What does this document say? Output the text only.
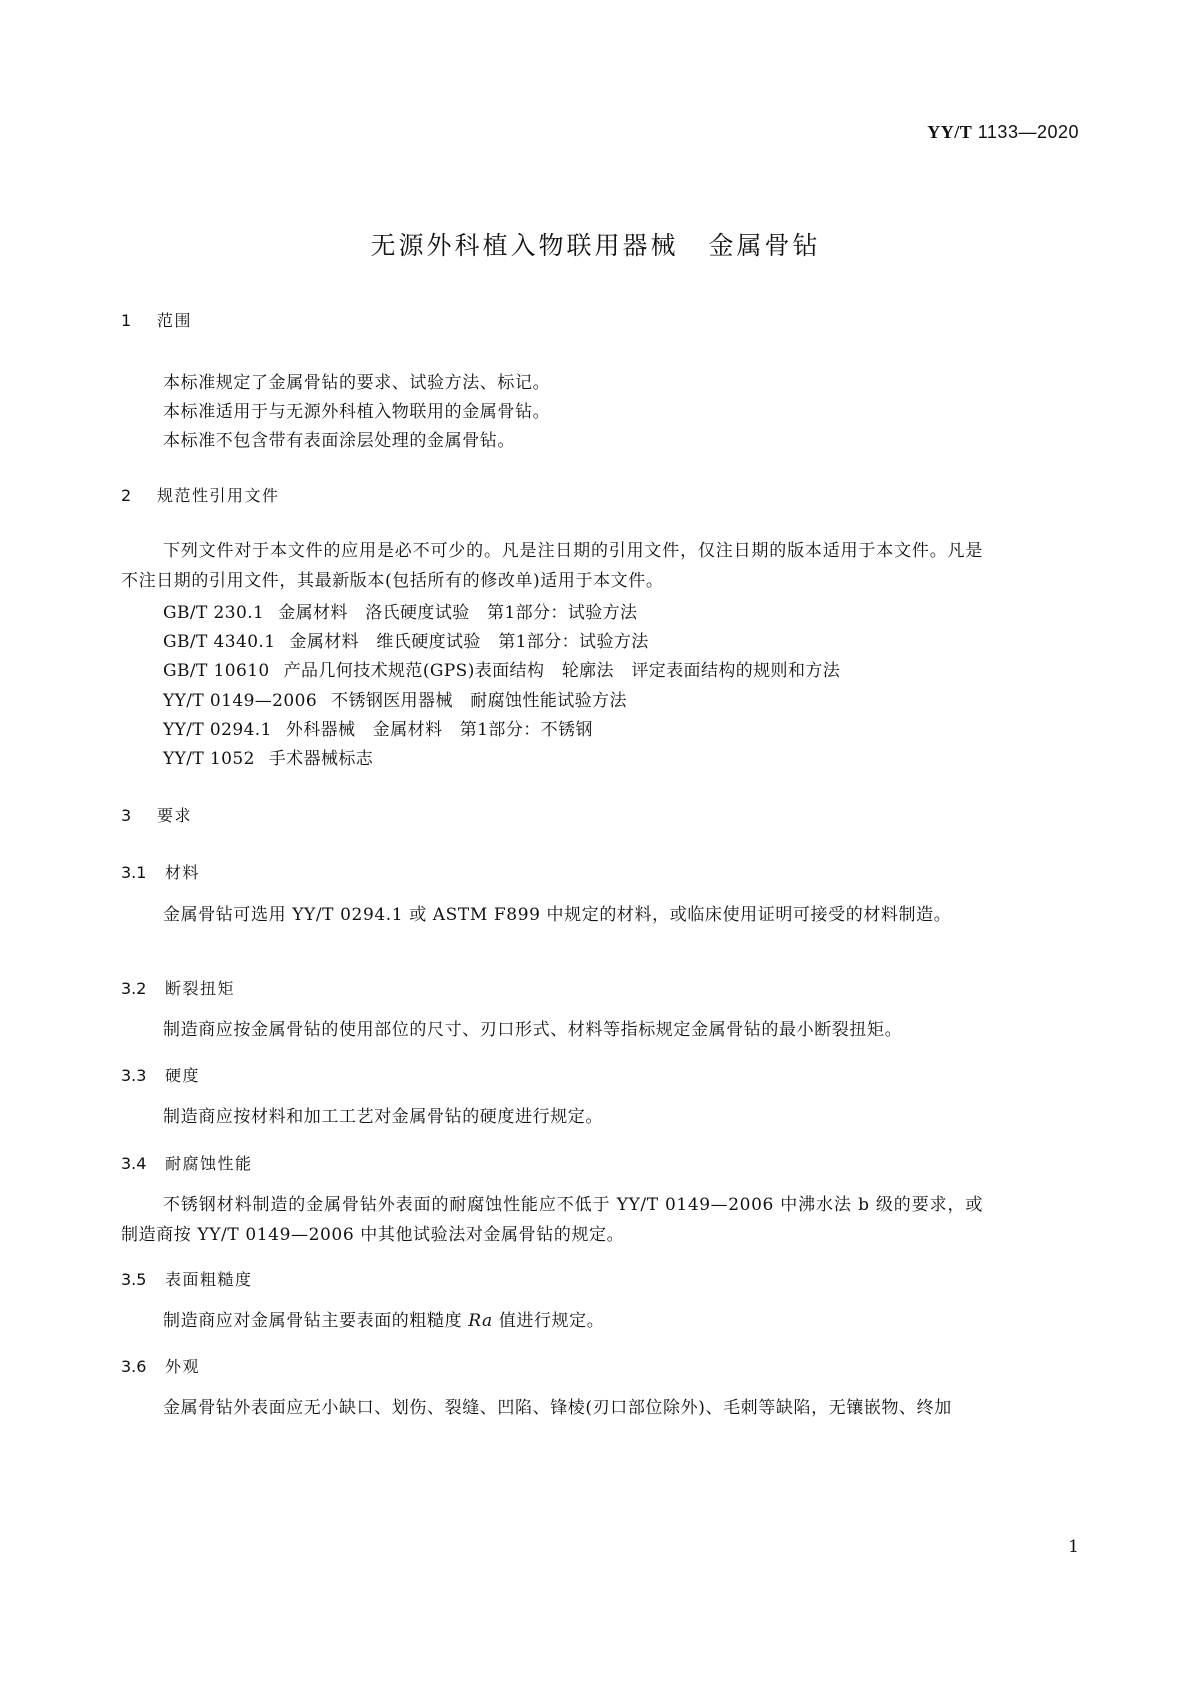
YY/T 1133—2020
无源外科植入物联用器械 金属骨钻
1 范围
本标准规定了金属骨钻的要求、试验方法、标记。
本标准适用于与无源外科植入物联用的金属骨钻。
本标准不包含带有表面涂层处理的金属骨钻。
2 规范性引用文件
下列文件对于本文件的应用是必不可少的。凡是注日期的引用文件，仅注日期的版本适用于本文件。凡是不注日期的引用文件，其最新版本(包括所有的修改单)适用于本文件。
GB/T 230.1 金属材料　洛氏硬度试验　第1部分：试验方法
GB/T 4340.1 金属材料　维氏硬度试验　第1部分：试验方法
GB/T 10610 产品几何技术规范(GPS)表面结构　轮廓法　评定表面结构的规则和方法
YY/T 0149—2006 不锈钢医用器械　耐腐蚀性能试验方法
YY/T 0294.1 外科器械　金属材料　第1部分：不锈钢
YY/T 1052 手术器械标志
3 要求
3.1 材料
金属骨钻可选用 YY/T 0294.1 或 ASTM F899 中规定的材料，或临床使用证明可接受的材料制造。
3.2 断裂扭矩
制造商应按金属骨钻的使用部位的尺寸、刃口形式、材料等指标规定金属骨钻的最小断裂扭矩。
3.3 硬度
制造商应按材料和加工工艺对金属骨钻的硬度进行规定。
3.4 耐腐蚀性能
不锈钢材料制造的金属骨钻外表面的耐腐蚀性能应不低于 YY/T 0149—2006 中沸水法 b 级的要求，或制造商按 YY/T 0149—2006 中其他试验法对金属骨钻的规定。
3.5 表面粗糙度
制造商应对金属骨钻主要表面的粗糙度 Ra 值进行规定。
3.6 外观
金属骨钻外表面应无小缺口、划伤、裂缝、凹陷、锋棱(刃口部位除外)、毛刺等缺陷，无镶嵌物、终加
1
